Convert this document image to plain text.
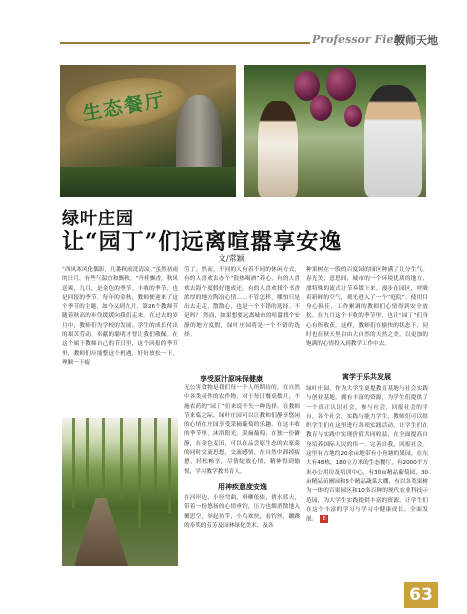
Professor Field
教师天地
生态餐厅
绿叶庄园
让“园丁”们远离喧嚣享安逸
文/常颖
“西风寒风化偶影，几番秋雨洗清凉。”虽然初雨的日月，有些气温宜和飘秋，“丹桂飘香，秋风送爽，九月，是金色的季节。丰收的季节，也是回报的季节。每年的金秋，教师便迎来了这个季节的主题，如今又到九月，第26个教师节随着秋高的步伐缓缓向我们走来。在过去的岁月中，教师们为学校的发展、学生的成长付出的艰苦劳动，奉献的聪明才智让我们敬佩。在这个属于教师自己的节日里，这个回报的季节里，教师们应能整这个机遇，好好放松一下，理顺一下疲
劳了。然而，不同的人有着不同的休闲方式，有的人喜欢去办个“很热喝酒”养心，有的人喜欢去海个度假好地成还，有的人喜欢找个书香浓厚的地方陶冶心情……不管怎样，哪怕只是出去走走，散散心，也是一个不错的选择。不是吗？ 然而，如果想要远离城市的喧嚣找个安静的地方度假，绿叶庄园将是一个不错的选择。
种果树在一股的百度园的园区种满了几分生气。春光美，意思间，城市的一个环境优质的地方，漂特殊的流式让节奏缓下来。漫步在园区，呼吸着新鲜的空气，观光进入了一个“庭院”。使用目身心俱佳，工作累调的教师们心情得到安全放松。在九月这个丰收的季节里，也让“园丁”们身心有所收获。这样，教师们在愉快的状态下，同时也在秋天里自由大自然的天然之美，以更加的饱满的心情投入到教学工作中去。
享受原汁原味保健康
无公害食物是我们每一个人所期待的。在自然中各类灵性的农作物，对于每日餐桌数月，不施农药的“园丁”们来说不失一种选择。在教师节来临之际，绿叶庄园可以让教师们静享悠闲的心情在庄园享受采摘葡萄的乐趣、在这丰收的季节里，沐浴阳光，采摘葡萄，在独一份僻静，在金色麦田，可以在品尝原生态的农家菜的同时交流思想，交流感情。在自然中卸掉疲惫，轻松畅享，尽情绽放心情，精神得到愉悦，学习教学教书育人。
用神疾意度安逸
在河岸边，小径弯曲，垂柳依依，碧水蓝天，带着一份悠扬的心情垂钓，压力也烟消散地入馨思空，举起鱼竿，小鸟欢快，看钓丝，蹦跳的奉奖的芬芳及园林绿化美术。及各
寓学于乐共发展
绿叶庄园，作为大学生更提教育基地与社会实践与创业基地，拥有丰富的资源，为学生们提供了一个真正认识社会，参与社会，回报社会的平台，各个社会，实践与能力学生，教师们可以组织学生们在这里进行各项实践活动，让学生们在教育与实践中实现价值共同收益，在全面提高自身培养国际人民的伟一，完善自我，回报社会。这里有占地约20余亩地带有小鱼塘的果园，在东大有48栋，180立方米的生态餐厅，有2000平方米办公用房及培训中心，有30亩精品葡萄园，30亩精品苗圃园和5个精品蔬菜大棚，有以各类果树为一体的百果园区和10多百种的现代农业科技示范园，为大学生实践提供丰富的资源，让学生们在这个丰富的学习与学习中健康成长，全面发展。 E
63
